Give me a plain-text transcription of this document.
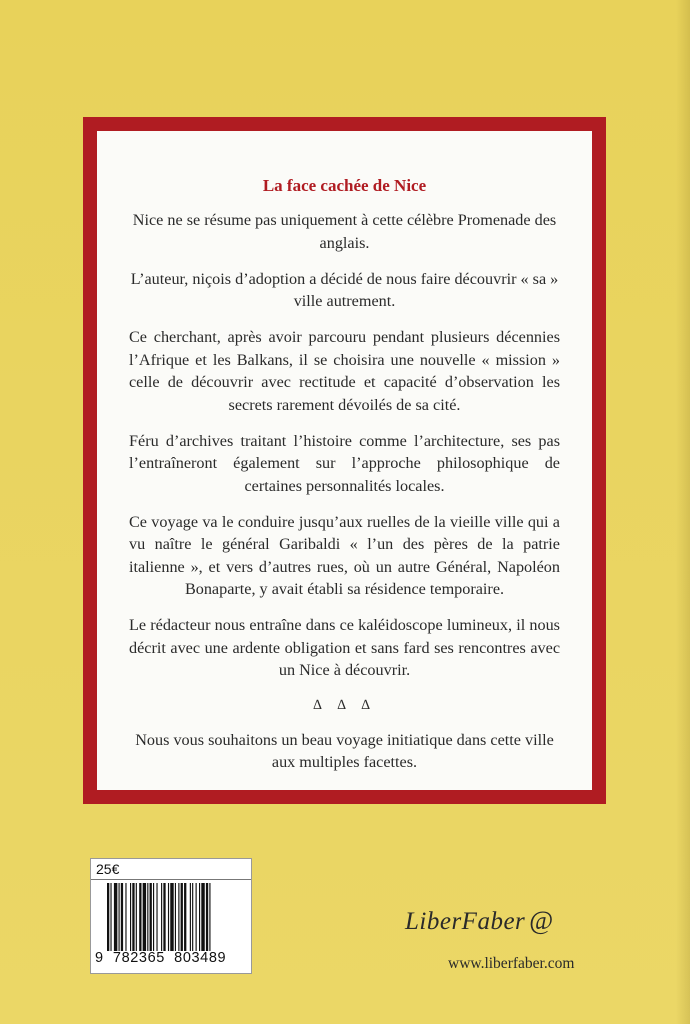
La face cachée de Nice

Nice ne se résume pas uniquement à cette célèbre Promenade des anglais.

L’auteur, niçois d’adoption a décidé de nous faire découvrir « sa » ville autrement.

Ce cherchant, après avoir parcouru pendant plusieurs décennies l’Afrique et les Balkans, il se choisira une nouvelle « mission » celle de découvrir avec rectitude et capacité d’observation les secrets rarement dévoilés de sa cité.

Féru d’archives traitant l’histoire comme l’architecture, ses pas l’entraîneront également sur l’approche philosophique de certaines personnalités locales.

Ce voyage va le conduire jusqu’aux ruelles de la vieille ville qui a vu naître le général Garibaldi « l’un des pères de la patrie italienne », et vers d’autres rues, où un autre Général, Napoléon Bonaparte, y avait établi sa résidence temporaire.

Le rédacteur nous entraîne dans ce kaléidoscope lumineux, il nous décrit avec une ardente obligation et sans fard ses rencontres avec un Nice à découvrir.

∆ ∆ ∆

Nous vous souhaitons un beau voyage initiatique dans cette ville aux multiples facettes.

25€
9  782365  803489
LiberFaber @
www.liberfaber.com
